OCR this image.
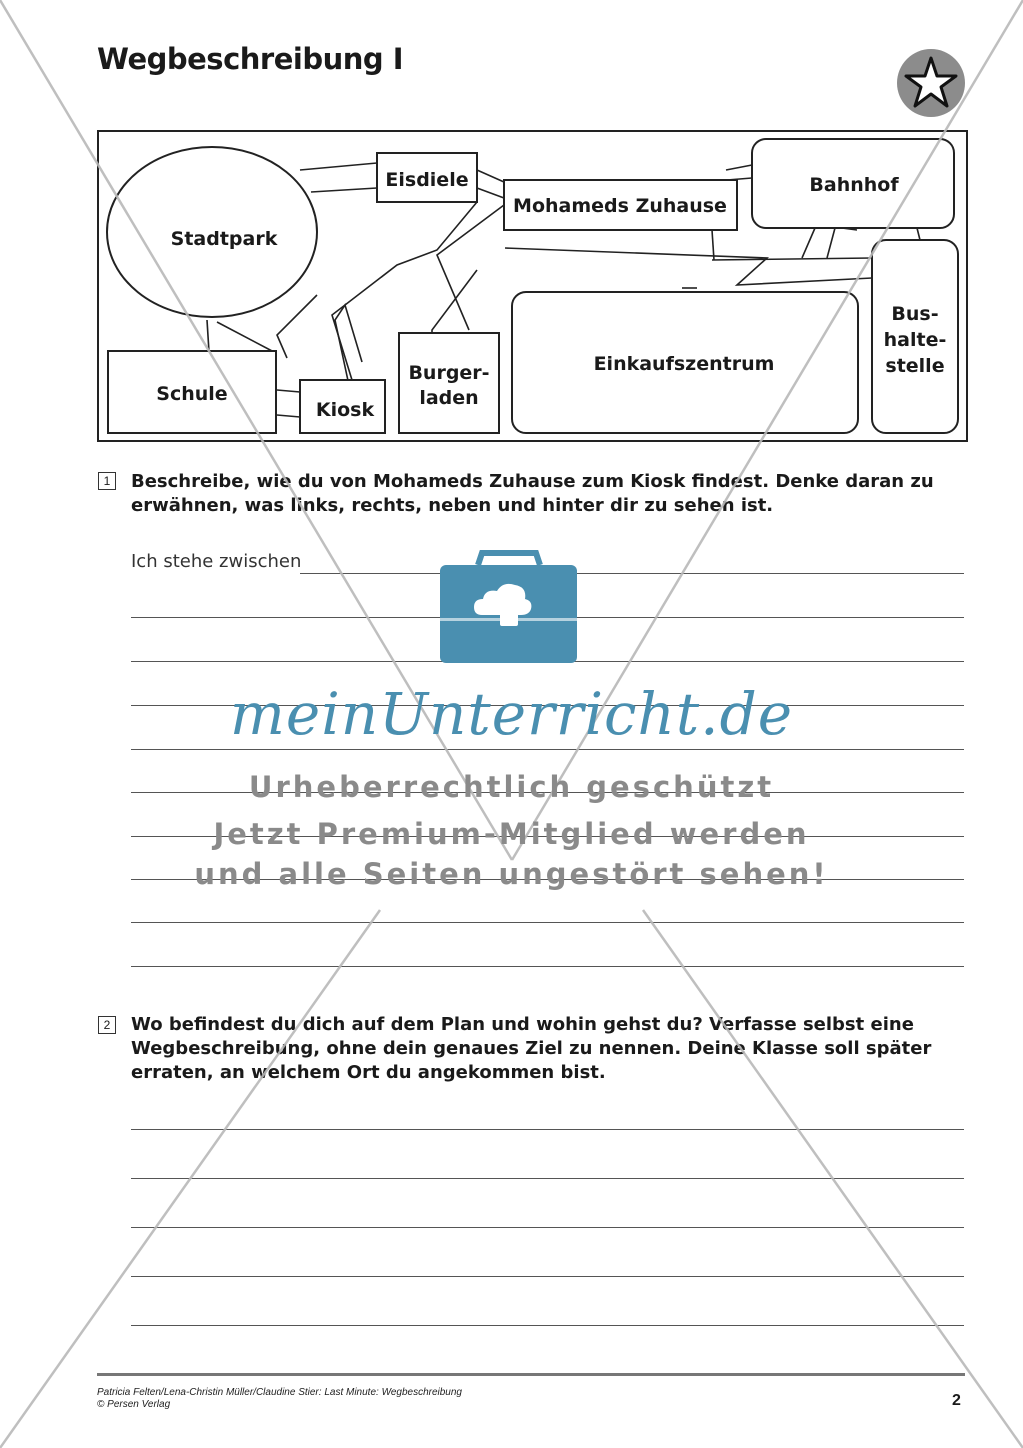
Wegbeschreibung I
Stadtpark
Eisdiele
Mohameds Zuhause
Bahnhof
Schule
Kiosk
Burger-
laden
Einkaufszentrum
Bus-
halte-
stelle
1	Beschreibe, wie du von Mohameds Zuhause zum Kiosk findest. Denke daran zu erwähnen, was links, rechts, neben und hinter dir zu sehen ist.
Ich stehe zwischen
2	Wo befindest du dich auf dem Plan und wohin gehst du? Verfasse selbst eine Wegbeschreibung, ohne dein genaues Ziel zu nennen. Deine Klasse soll später erraten, an welchem Ort du angekommen bist.
meinUnterricht.de
Urheberrechtlich geschützt
Jetzt Premium-Mitglied werden
und alle Seiten ungestört sehen!
Patricia Felten/Lena-Christin Müller/Claudine Stier: Last Minute: Wegbeschreibung
© Persen Verlag	2
